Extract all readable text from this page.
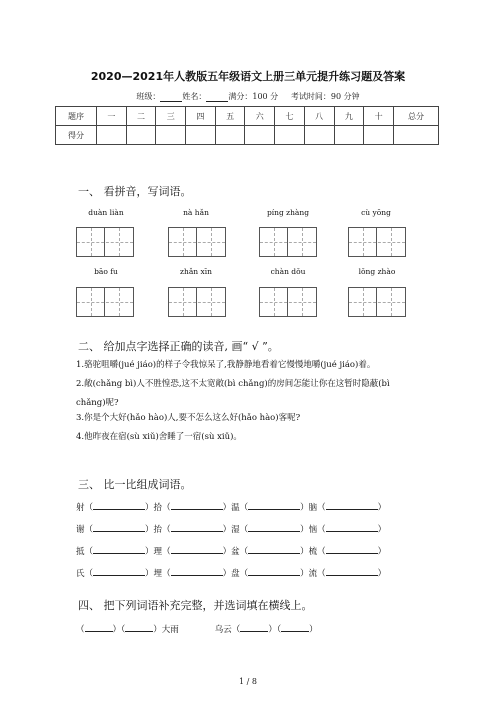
2020—2021年人教版五年级语文上册三单元提升练习题及答案
班级：	姓名：	满分：100 分 考试时间：90 分钟
题序	一	二	三	四	五	六	七	八	九	十	总分
得分											
一、 看拼音，写词语。
duàn liàn	nà hǎn	píng zhàng	cù yōng
bāo fu	zhǎn xīn	chàn dǒu	lǒng zhào
二、 给加点字选择正确的读音, 画“ √ ”。
1.骆驼咀嚼(jué jiáo)的样子令我惊呆了,我静静地看着它慢慢地嚼(jué jiáo)着。
2.敞(chǎng bì)人不胜惶恐,这不太宽敞(bì chǎng)的房间怎能让你在这暂时隐蔽(bì
chǎng)呢?
3.你是个大好(hǎo hào)人,要不怎么这么好(hǎo hào)客呢?
4.他昨夜在宿(sù xiǔ)舍睡了一宿(sù xiǔ)。
三、 比一比组成词语。
射（	）拾（	）温（	）脑（	）
谢（	）抬（	）湿（	）恼（	）
抵（	）理（	）盆（	）梳（	）
氏（	）埋（	）盘（	）流（	）
四、 把下列词语补充完整，并选词填在横线上。
（	）（	）大雨	乌云（	）（	）
1 / 8
